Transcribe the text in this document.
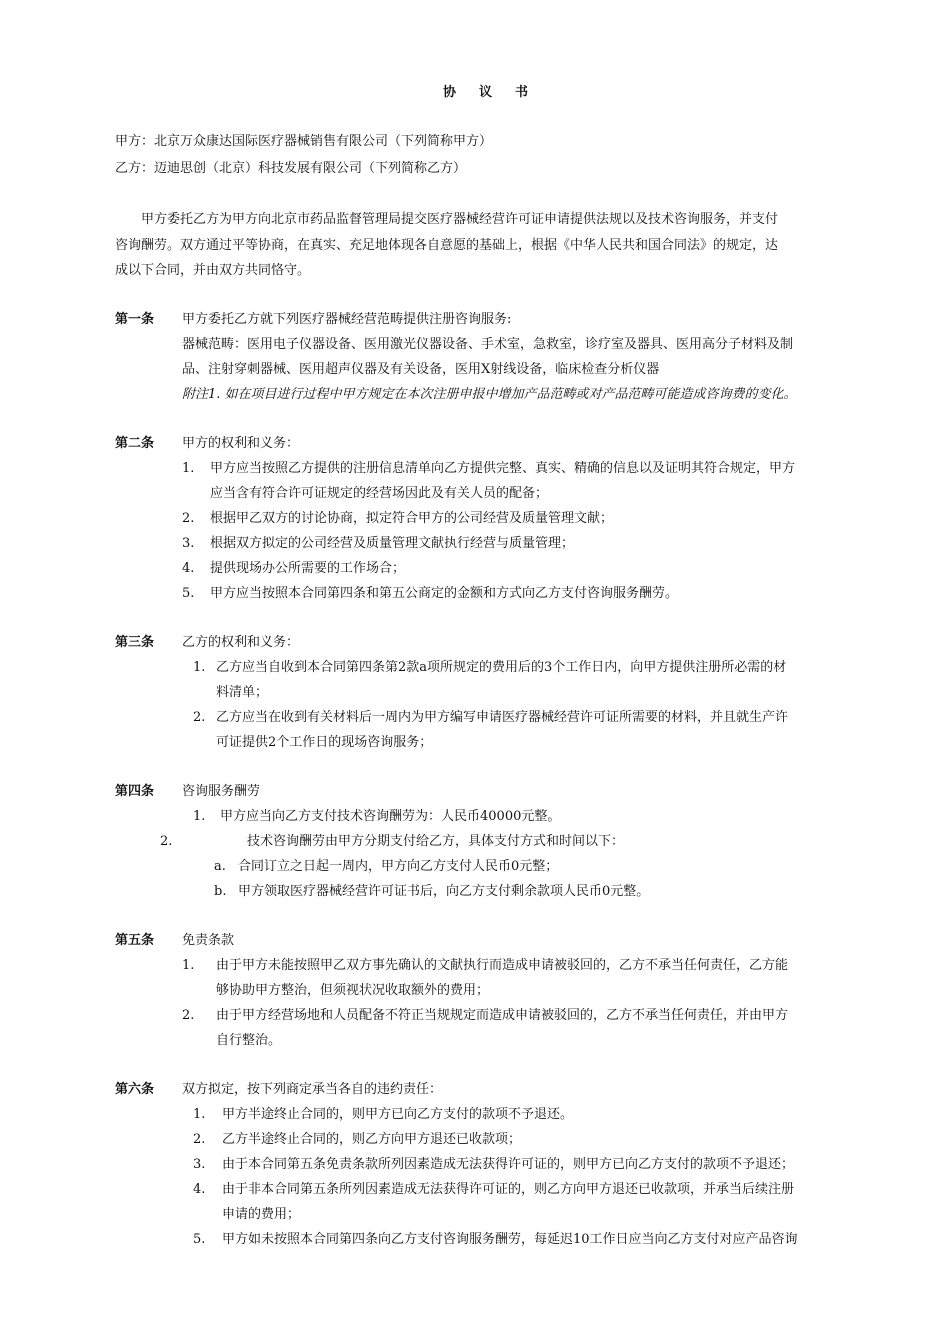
协 议 书
甲方：北京万众康达国际医疗器械销售有限公司（下列简称甲方）
乙方：迈迪思创（北京）科技发展有限公司（下列简称乙方）
甲方委托乙方为甲方向北京市药品监督管理局提交医疗器械经营许可证申请提供法规以及技术咨询服务，并支付
咨询酬劳。双方通过平等协商，在真实、充足地体现各自意愿的基础上，根据《中华人民共和国合同法》的规定，达
成以下合同，并由双方共同恪守。
第一条 甲方委托乙方就下列医疗器械经营范畴提供注册咨询服务:
器械范畴：医用电子仪器设备、医用激光仪器设备、手术室，急救室，诊疗室及器具、医用高分子材料及制
品、注射穿刺器械、医用超声仪器及有关设备，医用X射线设备，临床检查分析仪器
附注1. 如在项目进行过程中甲方规定在本次注册申报中增加产品范畴或对产品范畴可能造成咨询费的变化。
第二条 甲方的权利和义务：
1. 甲方应当按照乙方提供的注册信息清单向乙方提供完整、真实、精确的信息以及证明其符合规定，甲方
应当含有符合许可证规定的经营场因此及有关人员的配备；
2. 根据甲乙双方的讨论协商，拟定符合甲方的公司经营及质量管理文献；
3. 根据双方拟定的公司经营及质量管理文献执行经营与质量管理；
4. 提供现场办公所需要的工作场合；
5. 甲方应当按照本合同第四条和第五公商定的金额和方式向乙方支付咨询服务酬劳。
第三条 乙方的权利和义务：
1. 乙方应当自收到本合同第四条第2款a项所规定的费用后的3个工作日内，向甲方提供注册所必需的材
料清单；
2. 乙方应当在收到有关材料后一周内为甲方编写申请医疗器械经营许可证所需要的材料，并且就生产许
可证提供2个工作日的现场咨询服务；
第四条 咨询服务酬劳
1. 甲方应当向乙方支付技术咨询酬劳为：人民币40000元整。
2.	技术咨询酬劳由甲方分期支付给乙方，具体支付方式和时间以下：
a. 合同订立之日起一周内，甲方向乙方支付人民币0元整；
b. 甲方领取医疗器械经营许可证书后，向乙方支付剩余款项人民币0元整。
第五条 免责条款
1. 由于甲方未能按照甲乙双方事先确认的文献执行而造成申请被驳回的，乙方不承当任何责任，乙方能
够协助甲方整治，但须视状况收取额外的费用；
2. 由于甲方经营场地和人员配备不符正当规规定而造成申请被驳回的，乙方不承当任何责任，并由甲方
自行整治。
第六条 双方拟定，按下列商定承当各自的违约责任：
1. 甲方半途终止合同的，则甲方已向乙方支付的款项不予退还。
2. 乙方半途终止合同的，则乙方向甲方退还已收款项；
3. 由于本合同第五条免责条款所列因素造成无法获得许可证的，则甲方已向乙方支付的款项不予退还；
4. 由于非本合同第五条所列因素造成无法获得许可证的，则乙方向甲方退还已收款项，并承当后续注册
申请的费用；
5. 甲方如未按照本合同第四条向乙方支付咨询服务酬劳，每延迟10工作日应当向乙方支付对应产品咨询
